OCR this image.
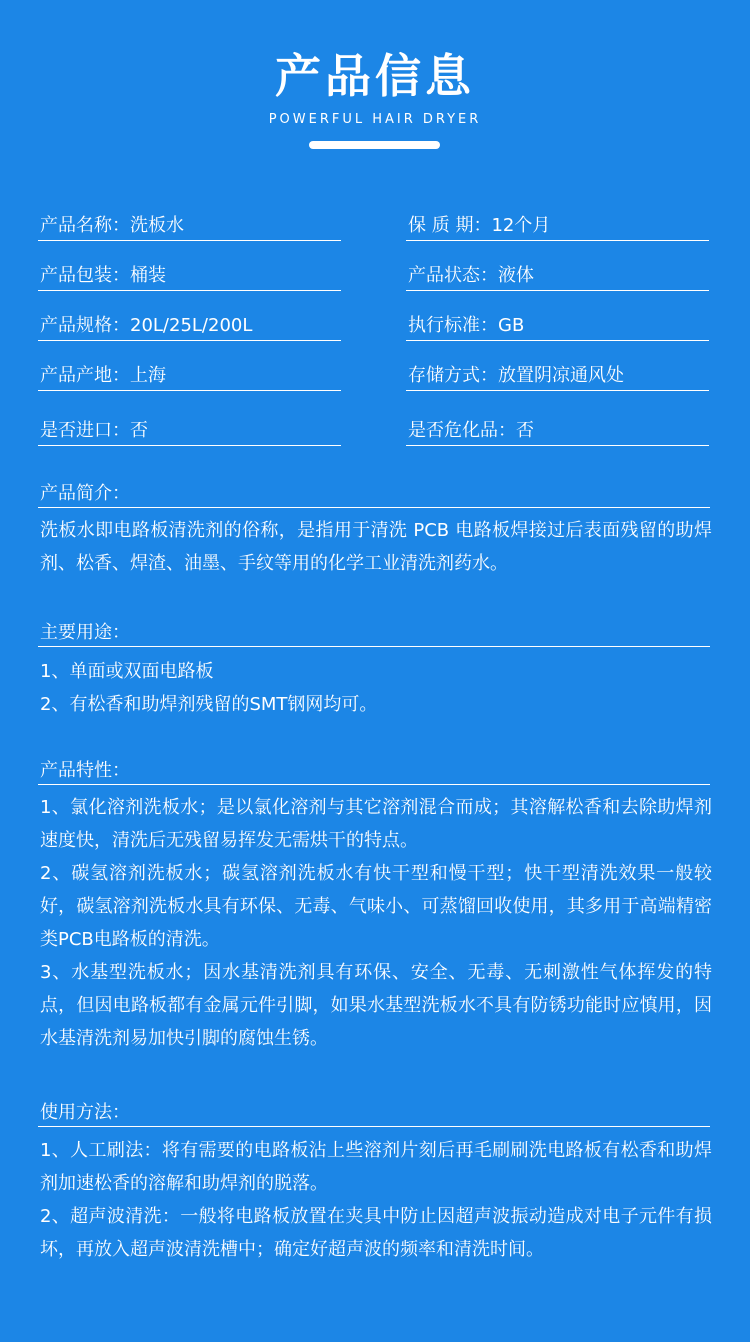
产品信息
POWERFUL HAIR DRYER
产品名称：洗板水
产品包装：桶装
产品规格：20L/25L/200L
产品产地：上海
是否进口：否
保 质 期：12个月
产品状态：液体
执行标准：GB
存储方式：放置阴凉通风处
是否危化品：否
产品简介：

洗板水即电路板清洗剂的俗称，是指用于清洗 PCB 电路板焊接过后表面残留的助焊剂、松香、焊渣、油墨、手纹等用的化学工业清洗剂药水。

主要用途：

1、单面或双面电路板

2、有松香和助焊剂残留的SMT钢网均可。

产品特性：

1、氯化溶剂洗板水；是以氯化溶剂与其它溶剂混合而成；其溶解松香和去除助焊剂速度快，清洗后无残留易挥发无需烘干的特点。

2、碳氢溶剂洗板水；碳氢溶剂洗板水有快干型和慢干型；快干型清洗效果一般较好，碳氢溶剂洗板水具有环保、无毒、气味小、可蒸馏回收使用，其多用于高端精密类PCB电路板的清洗。

3、水基型洗板水；因水基清洗剂具有环保、安全、无毒、无刺激性气体挥发的特点，但因电路板都有金属元件引脚，如果水基型洗板水不具有防锈功能时应慎用，因水基清洗剂易加快引脚的腐蚀生锈。

使用方法：

1、人工刷法：将有需要的电路板沾上些溶剂片刻后再毛刷刷洗电路板有松香和助焊剂加速松香的溶解和助焊剂的脱落。

2、超声波清洗：一般将电路板放置在夹具中防止因超声波振动造成对电子元件有损坏，再放入超声波清洗槽中；确定好超声波的频率和清洗时间。
